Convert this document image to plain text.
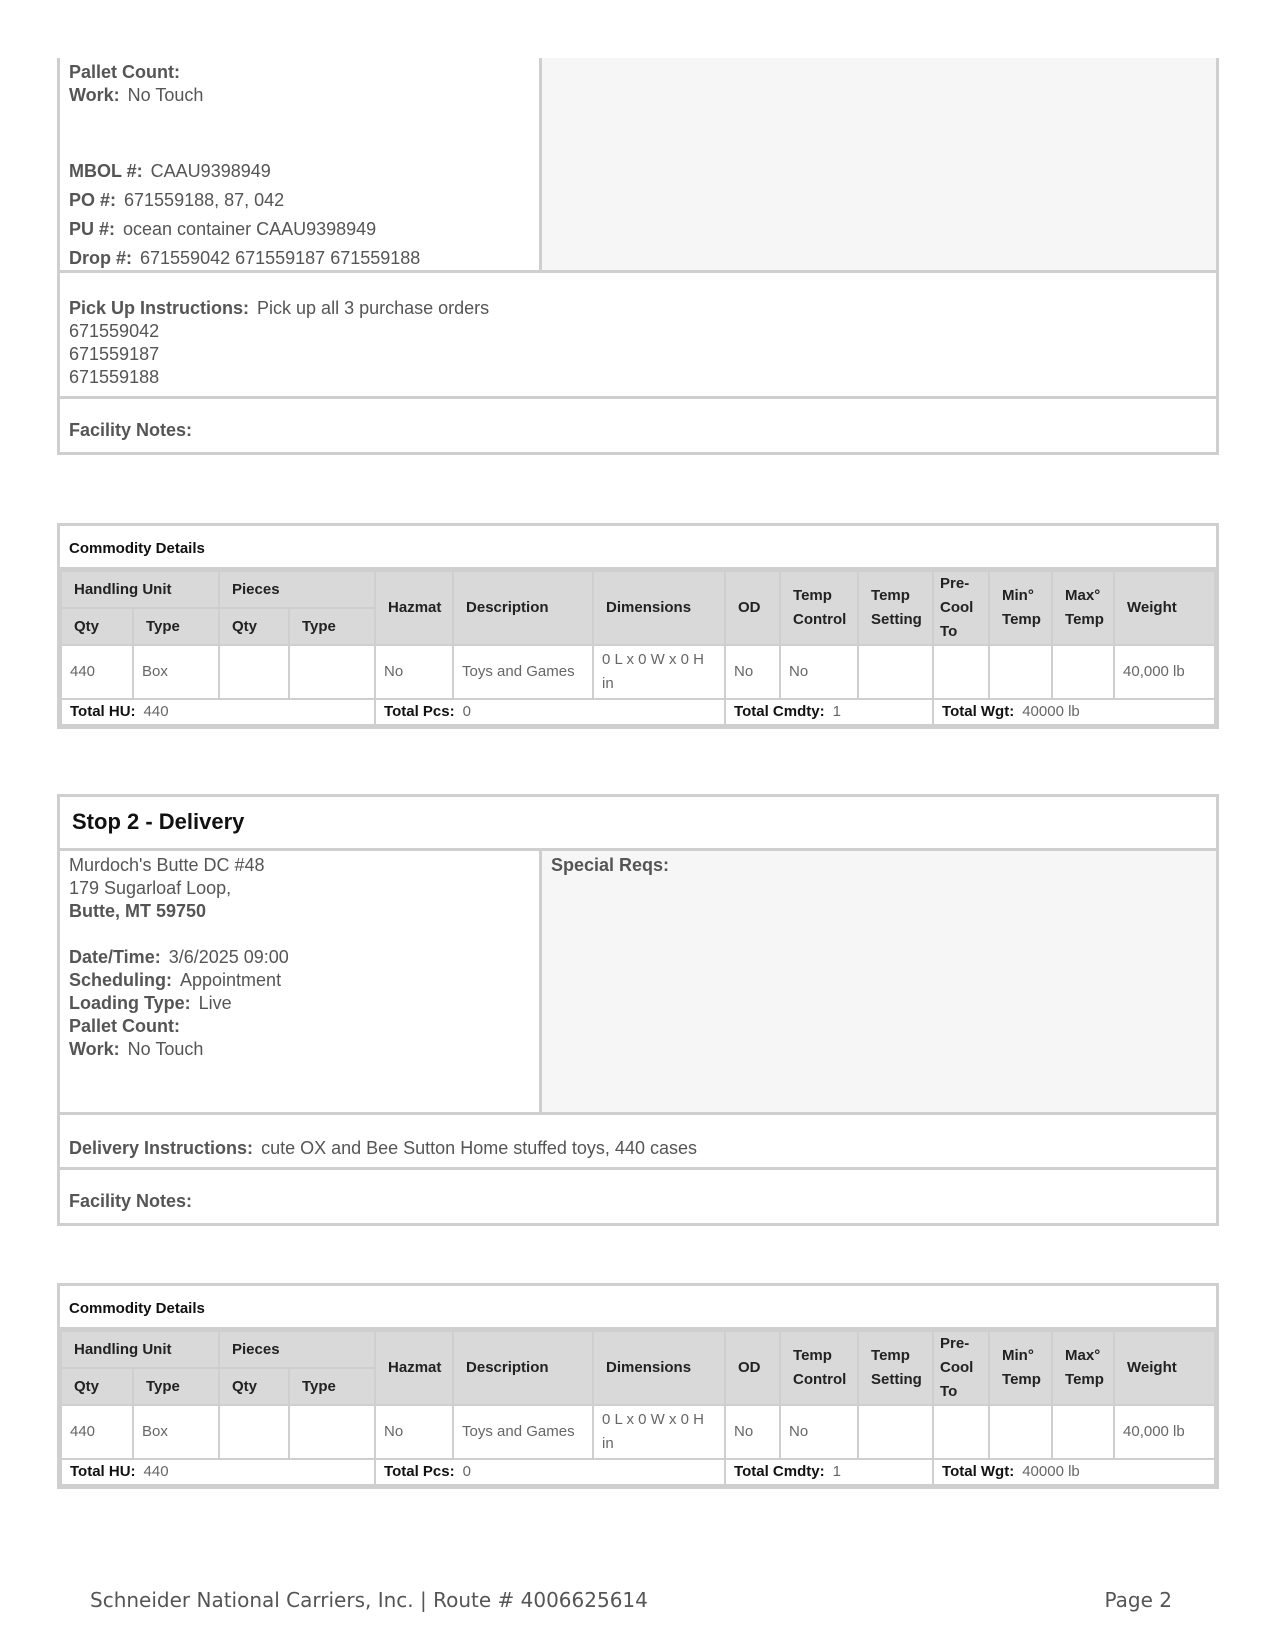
Pallet Count:
Work: No Touch
MBOL #: CAAU9398949
PO #: 671559188, 87, 042
PU #: ocean container CAAU9398949
Drop #: 671559042 671559187 671559188
Pick Up Instructions: Pick up all 3 purchase orders
671559042
671559187
671559188
Facility Notes:
Commodity Details
Handling Unit		Pieces		Hazmat	Description	Dimensions	OD	Temp Control	Temp Setting	Pre-Cool To	Min° Temp	Max° Temp	Weight
Qty	Type	Qty	Type										
440	Box			No	Toys and Games	0 L x 0 W x 0 H in	No	No					40,000 lb
Total HU: 440				Total Pcs: 0			Total Cmdty: 1			Total Wgt: 40000 lb			
Stop 2 - Delivery
Murdoch's Butte DC #48
179 Sugarloaf Loop,
Butte, MT 59750
Date/Time: 3/6/2025 09:00
Scheduling: Appointment
Loading Type: Live
Pallet Count:
Work: No Touch
Special Reqs:
Delivery Instructions: cute OX and Bee Sutton Home stuffed toys, 440 cases
Facility Notes:
Commodity Details
Handling Unit		Pieces		Hazmat	Description	Dimensions	OD	Temp Control	Temp Setting	Pre-Cool To	Min° Temp	Max° Temp	Weight
Qty	Type	Qty	Type										
440	Box			No	Toys and Games	0 L x 0 W x 0 H in	No	No					40,000 lb
Total HU: 440				Total Pcs: 0			Total Cmdty: 1			Total Wgt: 40000 lb			
Schneider National Carriers, Inc. | Route # 4006625614	Page 2
